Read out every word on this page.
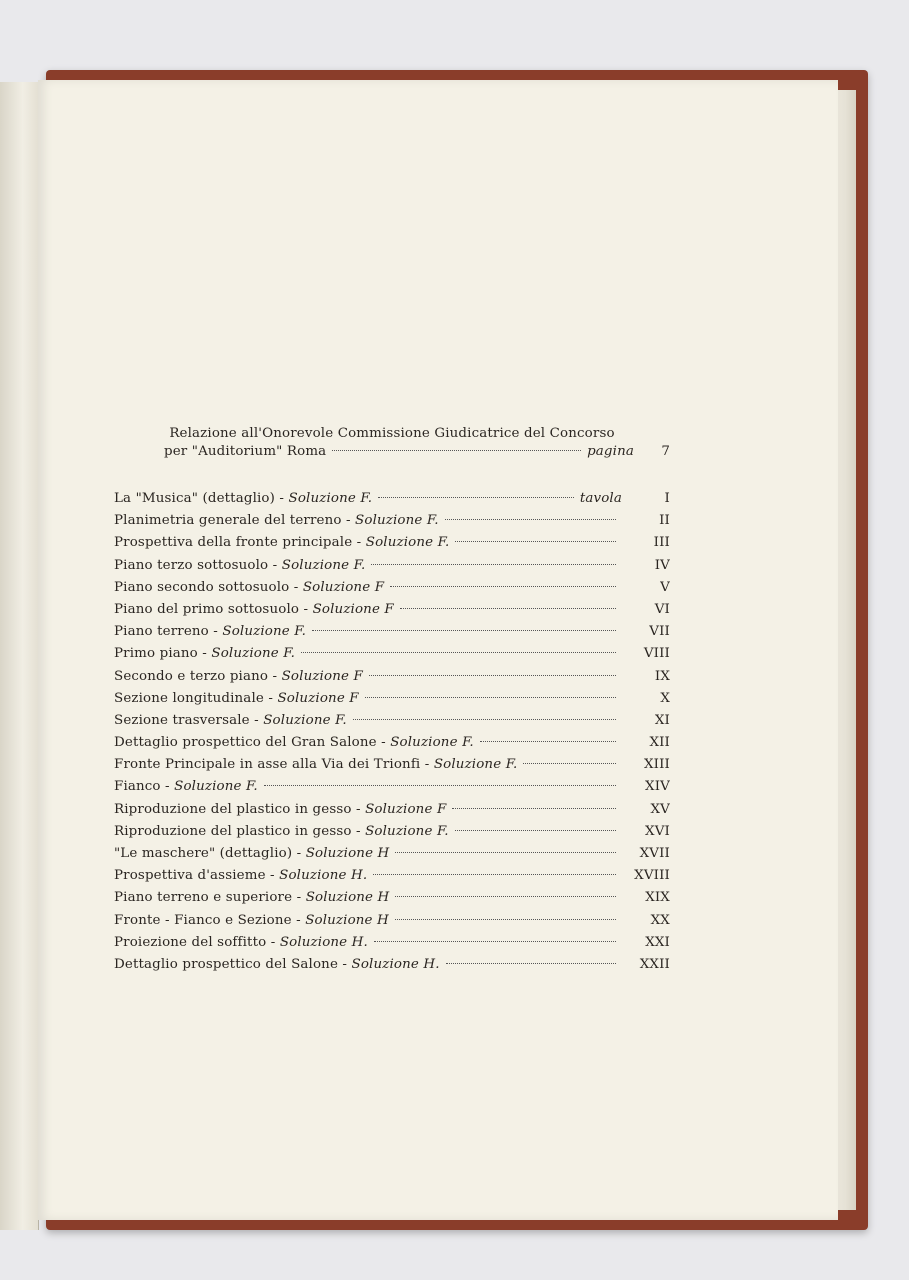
Relazione all'Onorevole Commissione Giudicatrice del Concorso
per "Auditorium" Roma	pagina	7
La "Musica" (dettaglio) - Soluzione F.	tavola	I
Planimetria generale del terreno - Soluzione F.	II
Prospettiva della fronte principale - Soluzione F.	III
Piano terzo sottosuolo - Soluzione F.	IV
Piano secondo sottosuolo - Soluzione F	V
Piano del primo sottosuolo - Soluzione F	VI
Piano terreno - Soluzione F.	VII
Primo piano - Soluzione F.	VIII
Secondo e terzo piano - Soluzione F	IX
Sezione longitudinale - Soluzione F	X
Sezione trasversale - Soluzione F.	XI
Dettaglio prospettico del Gran Salone - Soluzione F.	XII
Fronte Principale in asse alla Via dei Trionfi - Soluzione F.	XIII
Fianco - Soluzione F.	XIV
Riproduzione del plastico in gesso - Soluzione F	XV
Riproduzione del plastico in gesso - Soluzione F.	XVI
"Le maschere" (dettaglio) - Soluzione H	XVII
Prospettiva d'assieme - Soluzione H.	XVIII
Piano terreno e superiore - Soluzione H	XIX
Fronte - Fianco e Sezione - Soluzione H	XX
Proiezione del soffitto - Soluzione H.	XXI
Dettaglio prospettico del Salone - Soluzione H.	XXII
